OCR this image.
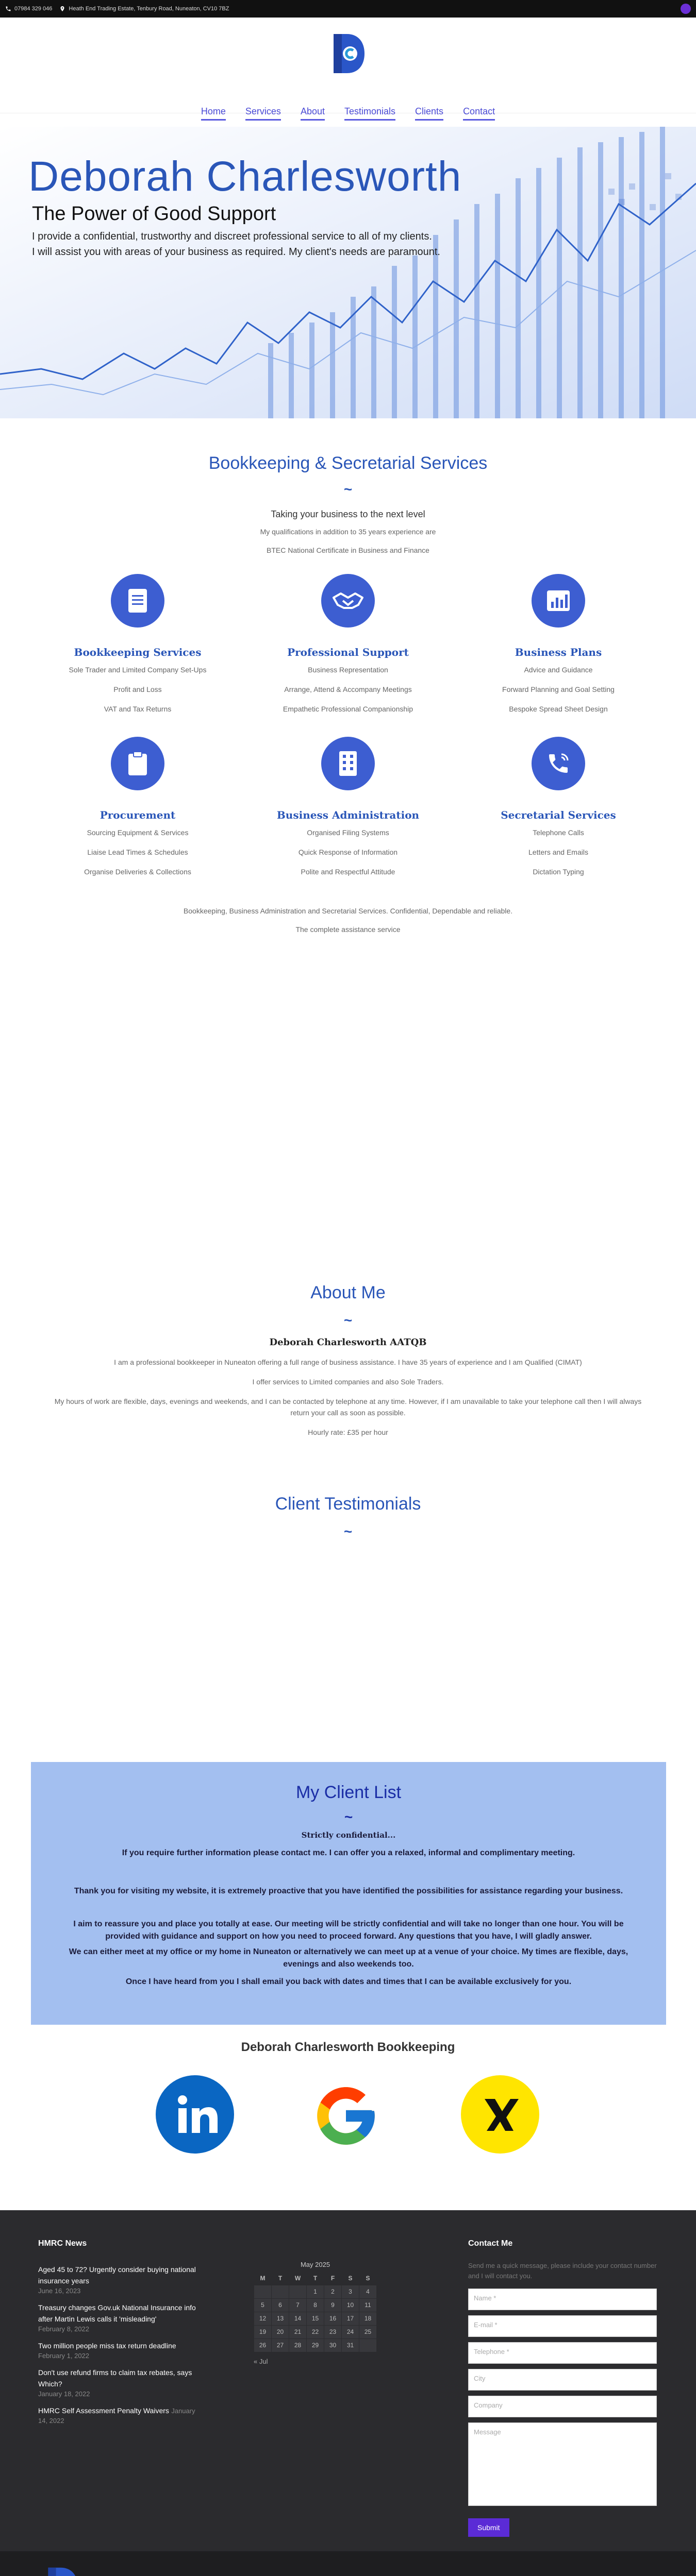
07984 329 046	Heath End Trading Estate, Tenbury Road, Nuneaton, CV10 7BZ
Home Services About Testimonials Clients Contact
Deborah Charlesworth
The Power of Good Support

I provide a confidential, trustworthy and discreet professional service to all of my clients.

I will assist you with areas of your business as required. My client's needs are paramount.

Bookkeeping & Secretarial Services
~
Taking your business to the next level
My qualifications in addition to 35 years experience are
BTEC National Certificate in Business and Finance
Bookkeeping Services
Sole Trader and Limited Company Set-Ups
Profit and Loss
VAT and Tax Returns
Professional Support
Business Representation
Arrange, Attend & Accompany Meetings
Empathetic Professional Companionship
Business Plans
Advice and Guidance
Forward Planning and Goal Setting
Bespoke Spread Sheet Design
Procurement
Sourcing Equipment & Services
Liaise Lead Times & Schedules
Organise Deliveries & Collections
Business Administration
Organised Filing Systems
Quick Response of Information
Polite and Respectful Attitude
Secretarial Services
Telephone Calls
Letters and Emails
Dictation Typing
Bookkeeping, Business Administration and Secretarial Services. Confidential, Dependable and reliable.
The complete assistance service
About Me
~
Deborah Charlesworth AATQB
I am a professional bookkeeper in Nuneaton offering a full range of business assistance. I have 35 years of experience and I am Qualified (CIMAT)
I offer services to Limited companies and also Sole Traders.
My hours of work are flexible, days, evenings and weekends, and I can be contacted by telephone at any time. However, if I am unavailable to take your telephone call then I will always
return your call as soon as possible.
Hourly rate: £35 per hour
Client Testimonials
~
My Client List
~
Strictly confidential...

If you require further information please contact me. I can offer you a relaxed, informal and complimentary meeting.

Thank you for visiting my website, it is extremely proactive that you have identified the possibilities for assistance regarding your business.

I aim to reassure you and place you totally at ease. Our meeting will be strictly confidential and will take no longer than one hour. You will be provided with guidance and support on how you need to proceed forward. Any questions that you have, I will gladly answer.

We can either meet at my office or my home in Nuneaton or alternatively we can meet up at a venue of your choice. My times are flexible, days, evenings and also weekends too.

Once I have heard from you I shall email you back with dates and times that I can be available exclusively for you.

Deborah Charlesworth Bookkeeping
HMRC News
Aged 45 to 72? Urgently consider buying national insurance years
June 16, 2023
Treasury changes Gov.uk National Insurance info after Martin Lewis calls it 'misleading'
February 8, 2022
Two million people miss tax return deadline February 1, 2022
Don't use refund firms to claim tax rebates, says Which?
January 18, 2022
HMRC Self Assessment Penalty Waivers January 14, 2022
May 2025
M	T	W	T	F	S	S
			1	2	3	4
5	6	7	8	9	10	11
12	13	14	15	16	17	18
19	20	21	22	23	24	25
26	27	28	29	30	31	
« Jul
Contact Me

Send me a quick message, please include your contact number and I will contact you.

Name *
E-mail *
Telephone *
City
Company
Message
Submit
